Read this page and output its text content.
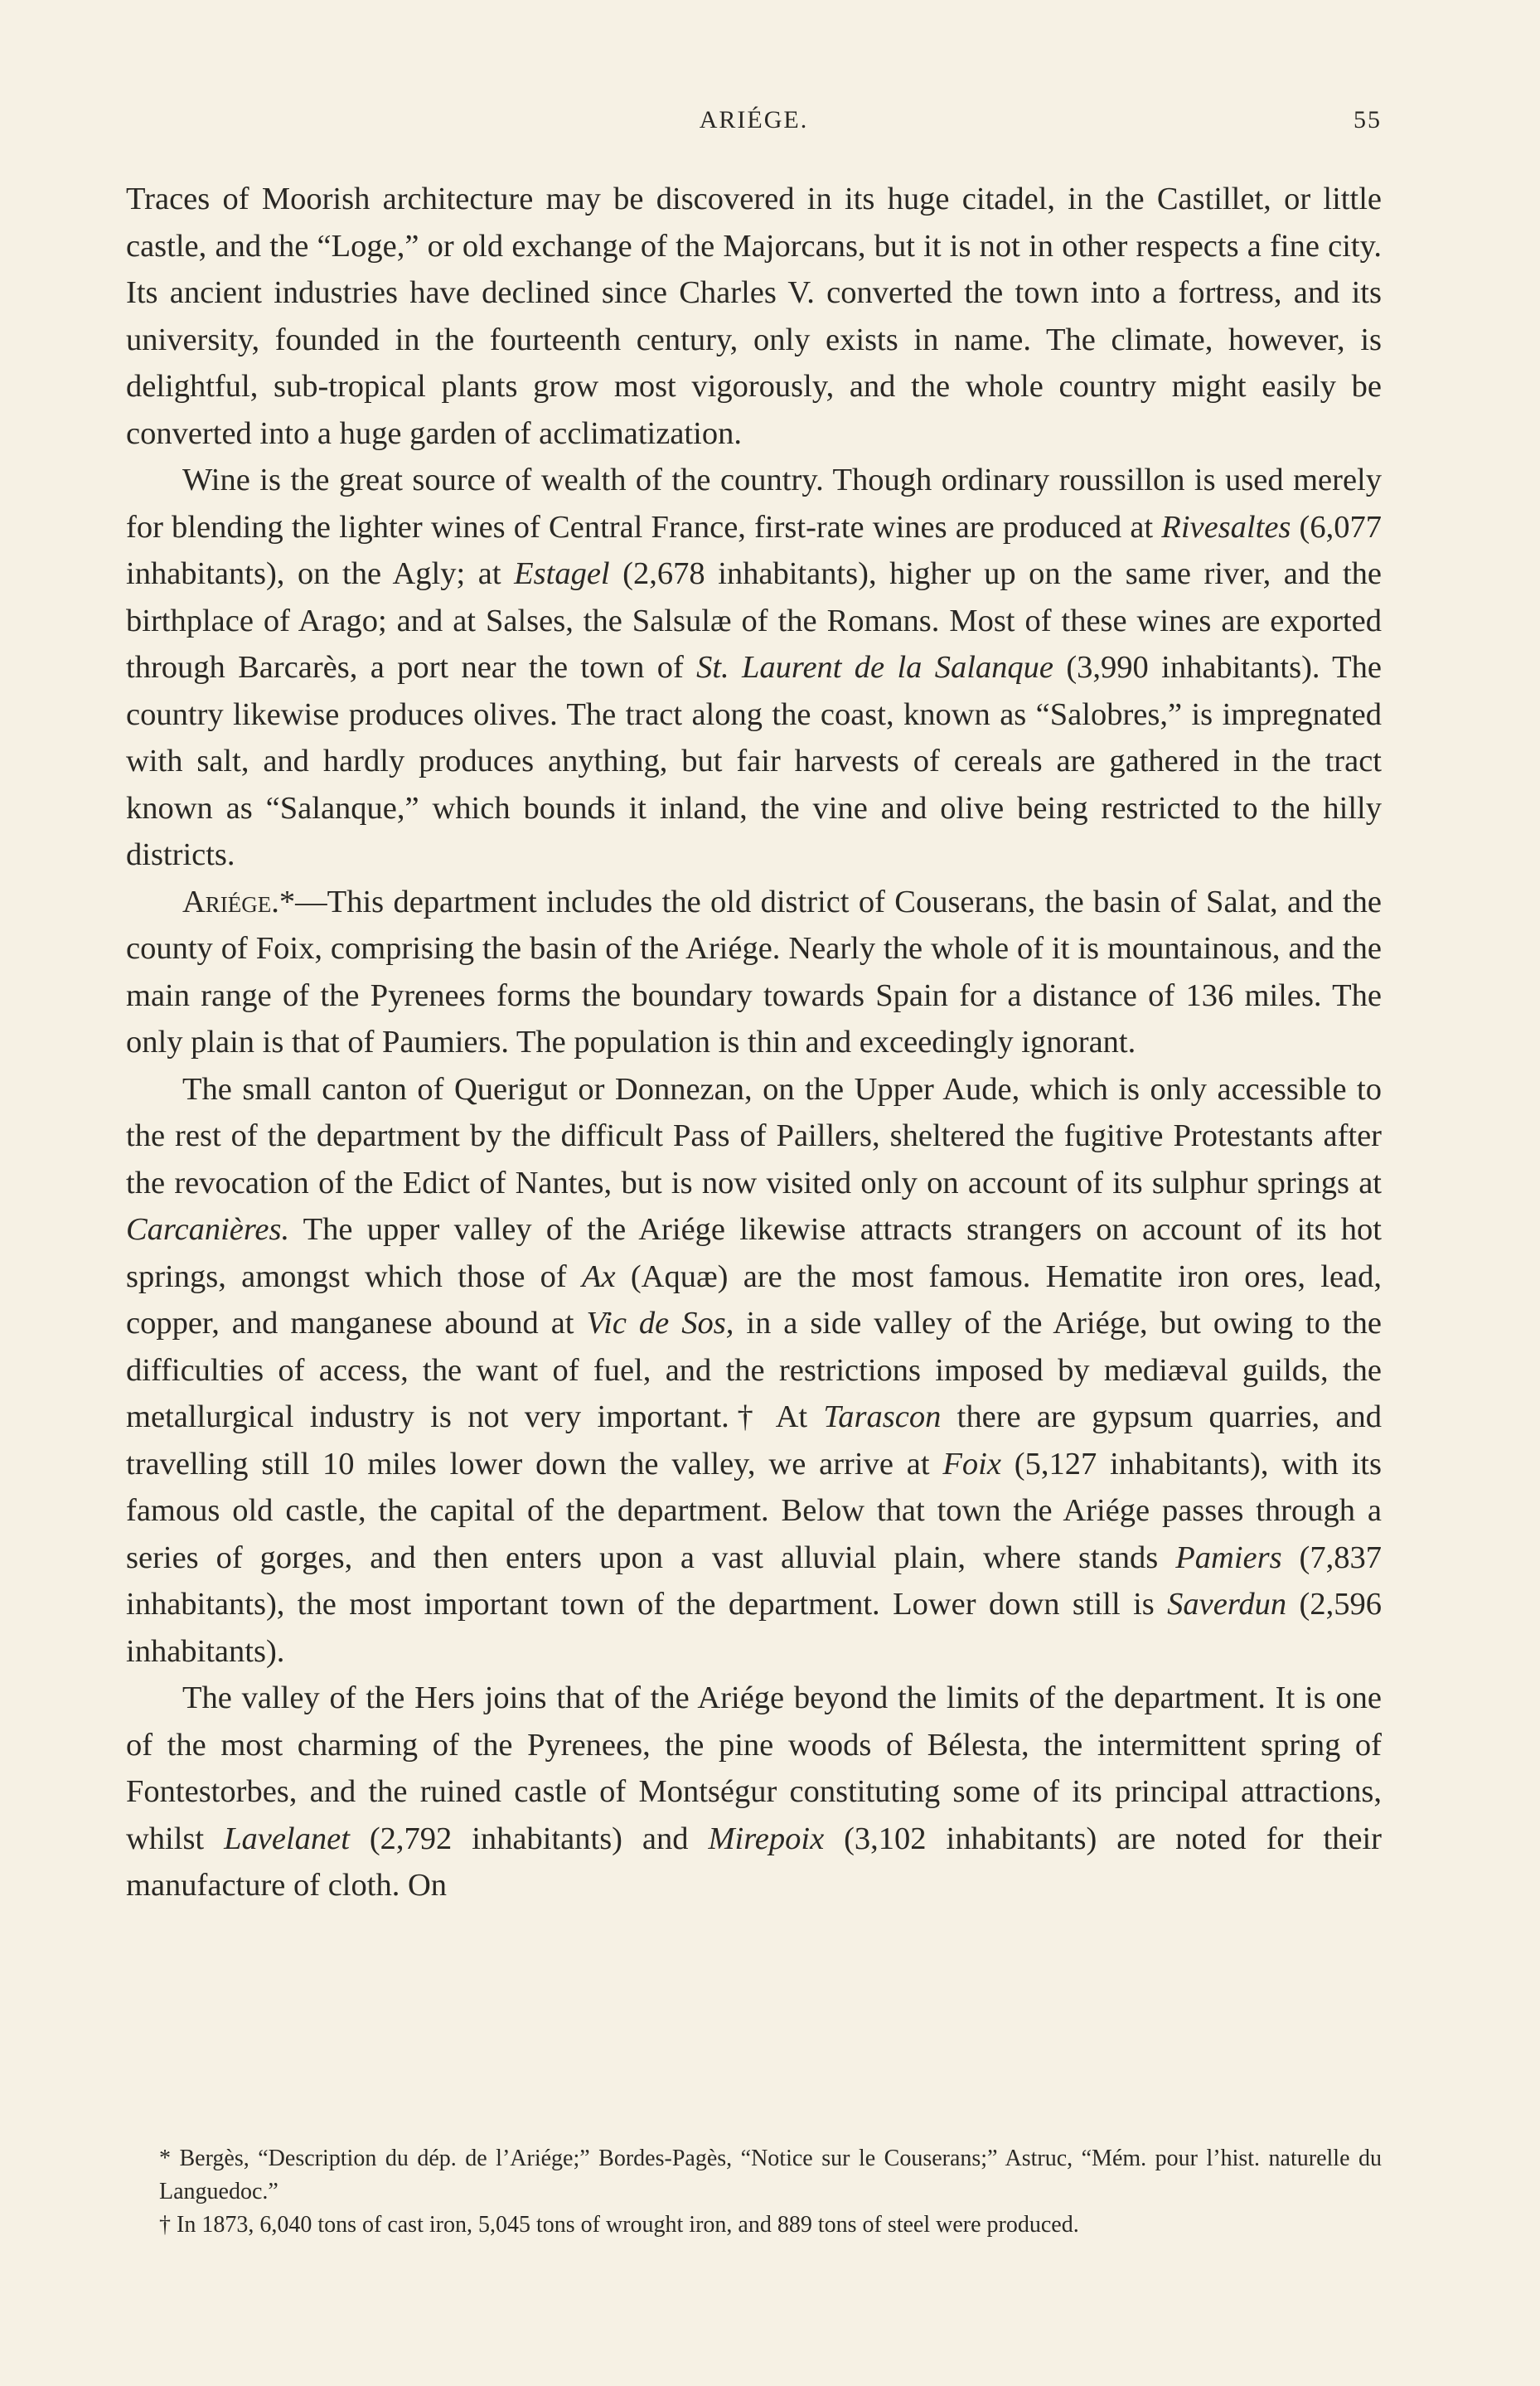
ARIÉGE.	55

Traces of Moorish architecture may be discovered in its huge citadel, in the Castillet, or little castle, and the “Loge,” or old exchange of the Majorcans, but it is not in other respects a fine city. Its ancient industries have declined since Charles V. converted the town into a fortress, and its university, founded in the fourteenth century, only exists in name. The climate, however, is delightful, sub-tropical plants grow most vigorously, and the whole country might easily be converted into a huge garden of acclimatization.

Wine is the great source of wealth of the country. Though ordinary roussillon is used merely for blending the lighter wines of Central France, first-rate wines are produced at Rivesaltes (6,077 inhabitants), on the Agly; at Estagel (2,678 inhabitants), higher up on the same river, and the birthplace of Arago; and at Salses, the Salsulæ of the Romans. Most of these wines are exported through Barcarès, a port near the town of St. Laurent de la Salanque (3,990 inhabitants). The country likewise produces olives. The tract along the coast, known as “Salobres,” is impregnated with salt, and hardly produces anything, but fair harvests of cereals are gathered in the tract known as “Salanque,” which bounds it inland, the vine and olive being restricted to the hilly districts.

Ariége.*—This department includes the old district of Couserans, the basin of Salat, and the county of Foix, comprising the basin of the Ariége. Nearly the whole of it is mountainous, and the main range of the Pyrenees forms the boundary towards Spain for a distance of 136 miles. The only plain is that of Paumiers. The population is thin and exceedingly ignorant.

The small canton of Querigut or Donnezan, on the Upper Aude, which is only accessible to the rest of the department by the difficult Pass of Paillers, sheltered the fugitive Protestants after the revocation of the Edict of Nantes, but is now visited only on account of its sulphur springs at Carcanières. The upper valley of the Ariége likewise attracts strangers on account of its hot springs, amongst which those of Ax (Aquæ) are the most famous. Hematite iron ores, lead, copper, and manganese abound at Vic de Sos, in a side valley of the Ariége, but owing to the difficulties of access, the want of fuel, and the restrictions imposed by mediæval guilds, the metallurgical industry is not very important.† At Tarascon there are gypsum quarries, and travelling still 10 miles lower down the valley, we arrive at Foix (5,127 inhabitants), with its famous old castle, the capital of the department. Below that town the Ariége passes through a series of gorges, and then enters upon a vast alluvial plain, where stands Pamiers (7,837 inhabitants), the most important town of the department. Lower down still is Saverdun (2,596 inhabitants).

The valley of the Hers joins that of the Ariége beyond the limits of the department. It is one of the most charming of the Pyrenees, the pine woods of Bélesta, the intermittent spring of Fontestorbes, and the ruined castle of Montségur constituting some of its principal attractions, whilst Lavelanet (2,792 inhabitants) and Mirepoix (3,102 inhabitants) are noted for their manufacture of cloth. On

* Bergès, “Description du dép. de l’Ariége;” Bordes-Pagès, “Notice sur le Couserans;” Astruc, “Mém. pour l’hist. naturelle du Languedoc.”

† In 1873, 6,040 tons of cast iron, 5,045 tons of wrought iron, and 889 tons of steel were produced.
